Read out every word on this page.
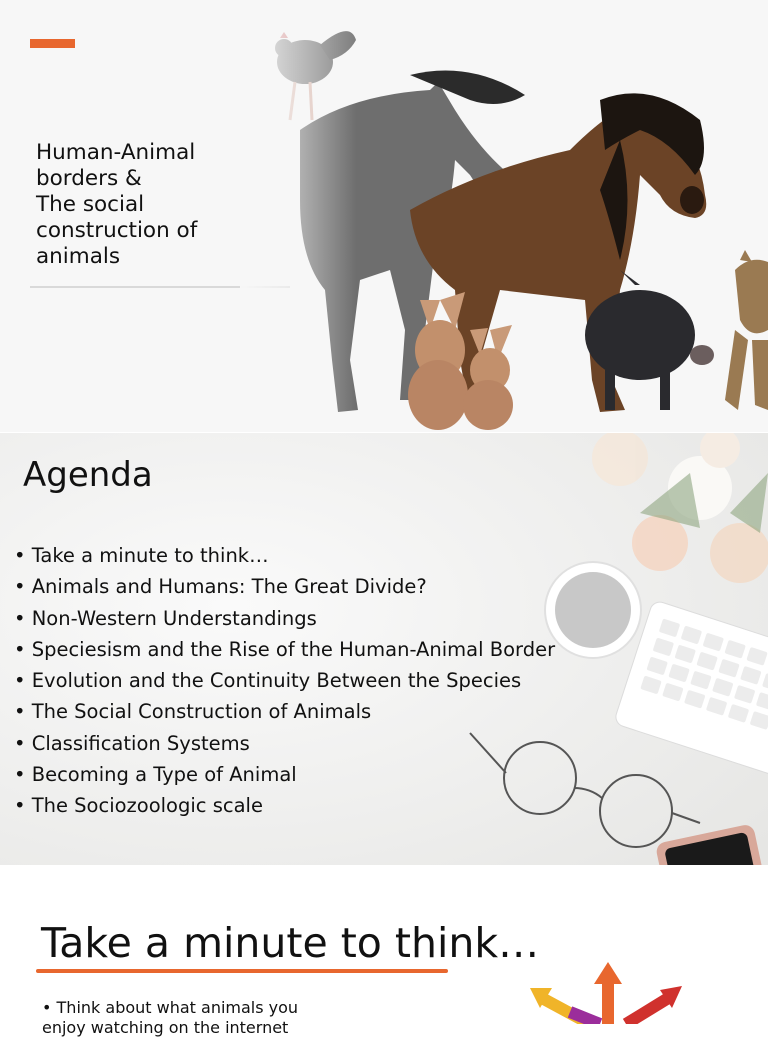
Human-Animal
borders &
The social
construction of
animals
Agenda
• Take a minute to think…
• Animals and Humans: The Great Divide?
• Non-Western Understandings
• Speciesism and the Rise of the Human-Animal Border
• Evolution and the Continuity Between the Species
• The Social Construction of Animals
• Classification Systems
• Becoming a Type of Animal
• The Sociozoologic scale
Take a minute to think…
• Think about what animals you enjoy watching on the internet
